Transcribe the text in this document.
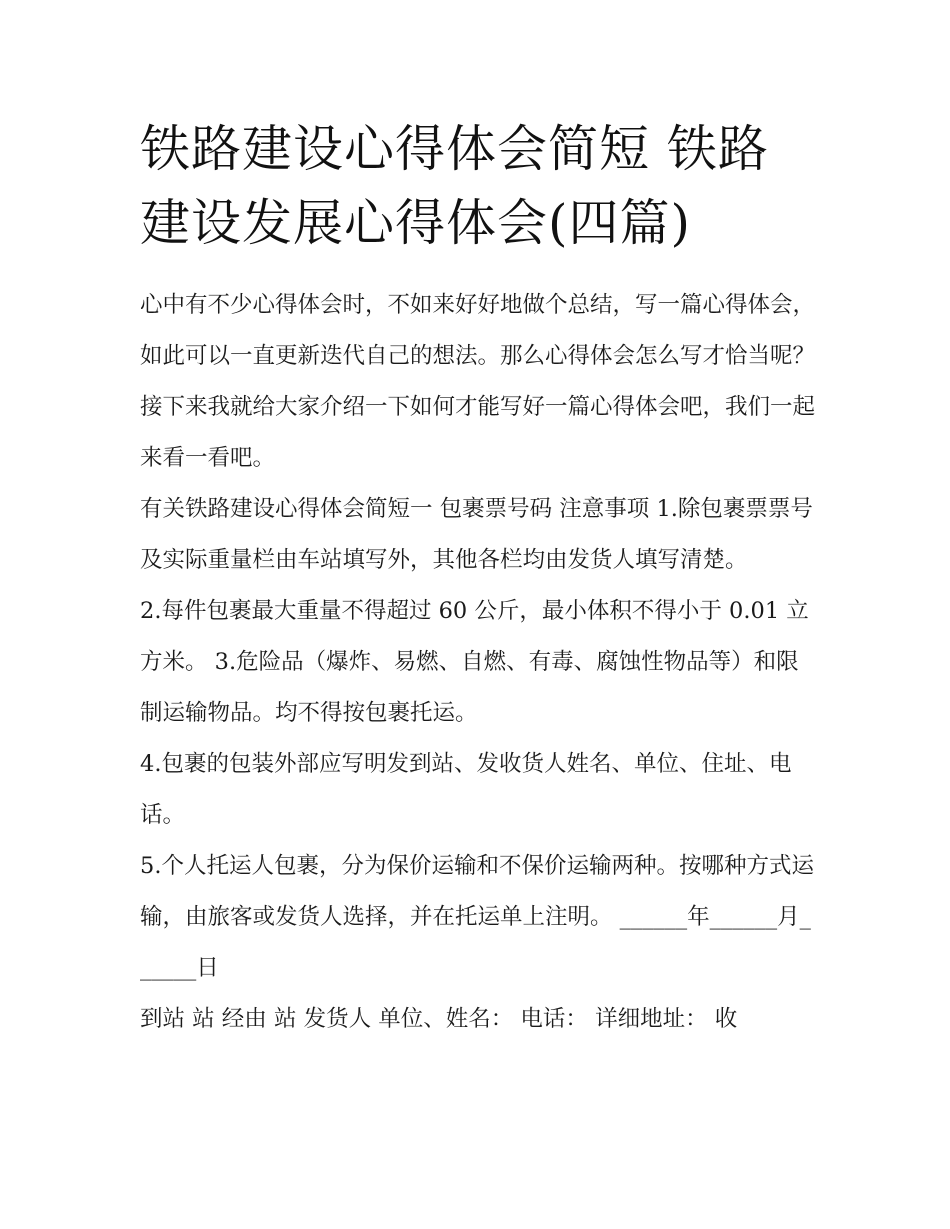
铁路建设心得体会简短 铁路建设发展心得体会(四篇)

心中有不少心得体会时，不如来好好地做个总结，写一篇心得体会，如此可以一直更新迭代自己的想法。那么心得体会怎么写才恰当呢？接下来我就给大家介绍一下如何才能写好一篇心得体会吧，我们一起来看一看吧。

有关铁路建设心得体会简短一 包裹票号码 注意事项 1.除包裹票票号及实际重量栏由车站填写外，其他各栏均由发货人填写清楚。

2.每件包裹最大重量不得超过 60 公斤，最小体积不得小于 0.01 立方米。 3.危险品（爆炸、易燃、自燃、有毒、腐蚀性物品等）和限制运输物品。均不得按包裹托运。

4.包裹的包装外部应写明发到站、发收货人姓名、单位、住址、电话。

5.个人托运人包裹，分为保价运输和不保价运输两种。按哪种方式运输，由旅客或发货人选择，并在托运单上注明。 ______年______月______日

到站 站 经由 站 发货人 单位、姓名： 电话： 详细地址： 收
